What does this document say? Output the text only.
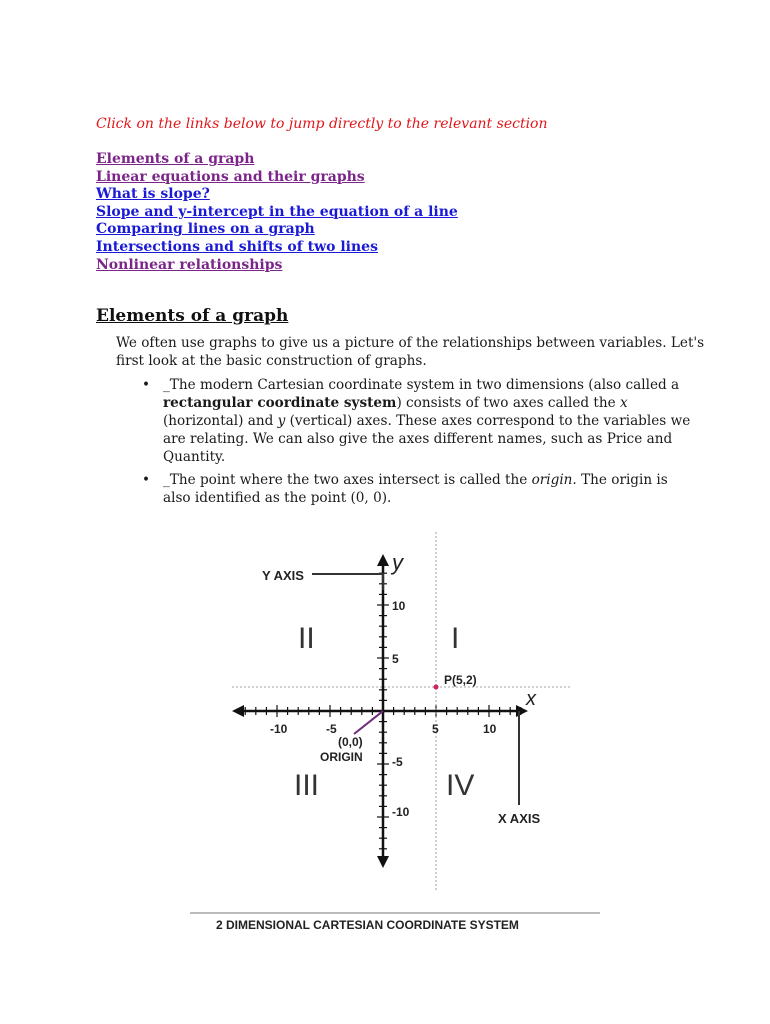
Click on the links below to jump directly to the relevant section

Elements of a graph
Linear equations and their graphs
What is slope?
Slope and y-intercept in the equation of a line
Comparing lines on a graph
Intersections and shifts of two lines
Nonlinear relationships
Elements of a graph

We often use graphs to give us a picture of the relationships between variables. Let's first look at the basic construction of graphs.

• _The modern Cartesian coordinate system in two dimensions (also called a rectangular coordinate system) consists of two axes called the x (horizontal) and y (vertical) axes. These axes correspond to the variables we are relating. We can also give the axes different names, such as Price and Quantity.
• _The point where the two axes intersect is called the origin. The origin is also identified as the point (0, 0).
Y AXIS
y
x
I
II
III	IV
-10	-5	5	10
10
5
-5
-10
P(5,2)
(0,0)
ORIGIN
X AXIS
2 DIMENSIONAL CARTESIAN COORDINATE SYSTEM
